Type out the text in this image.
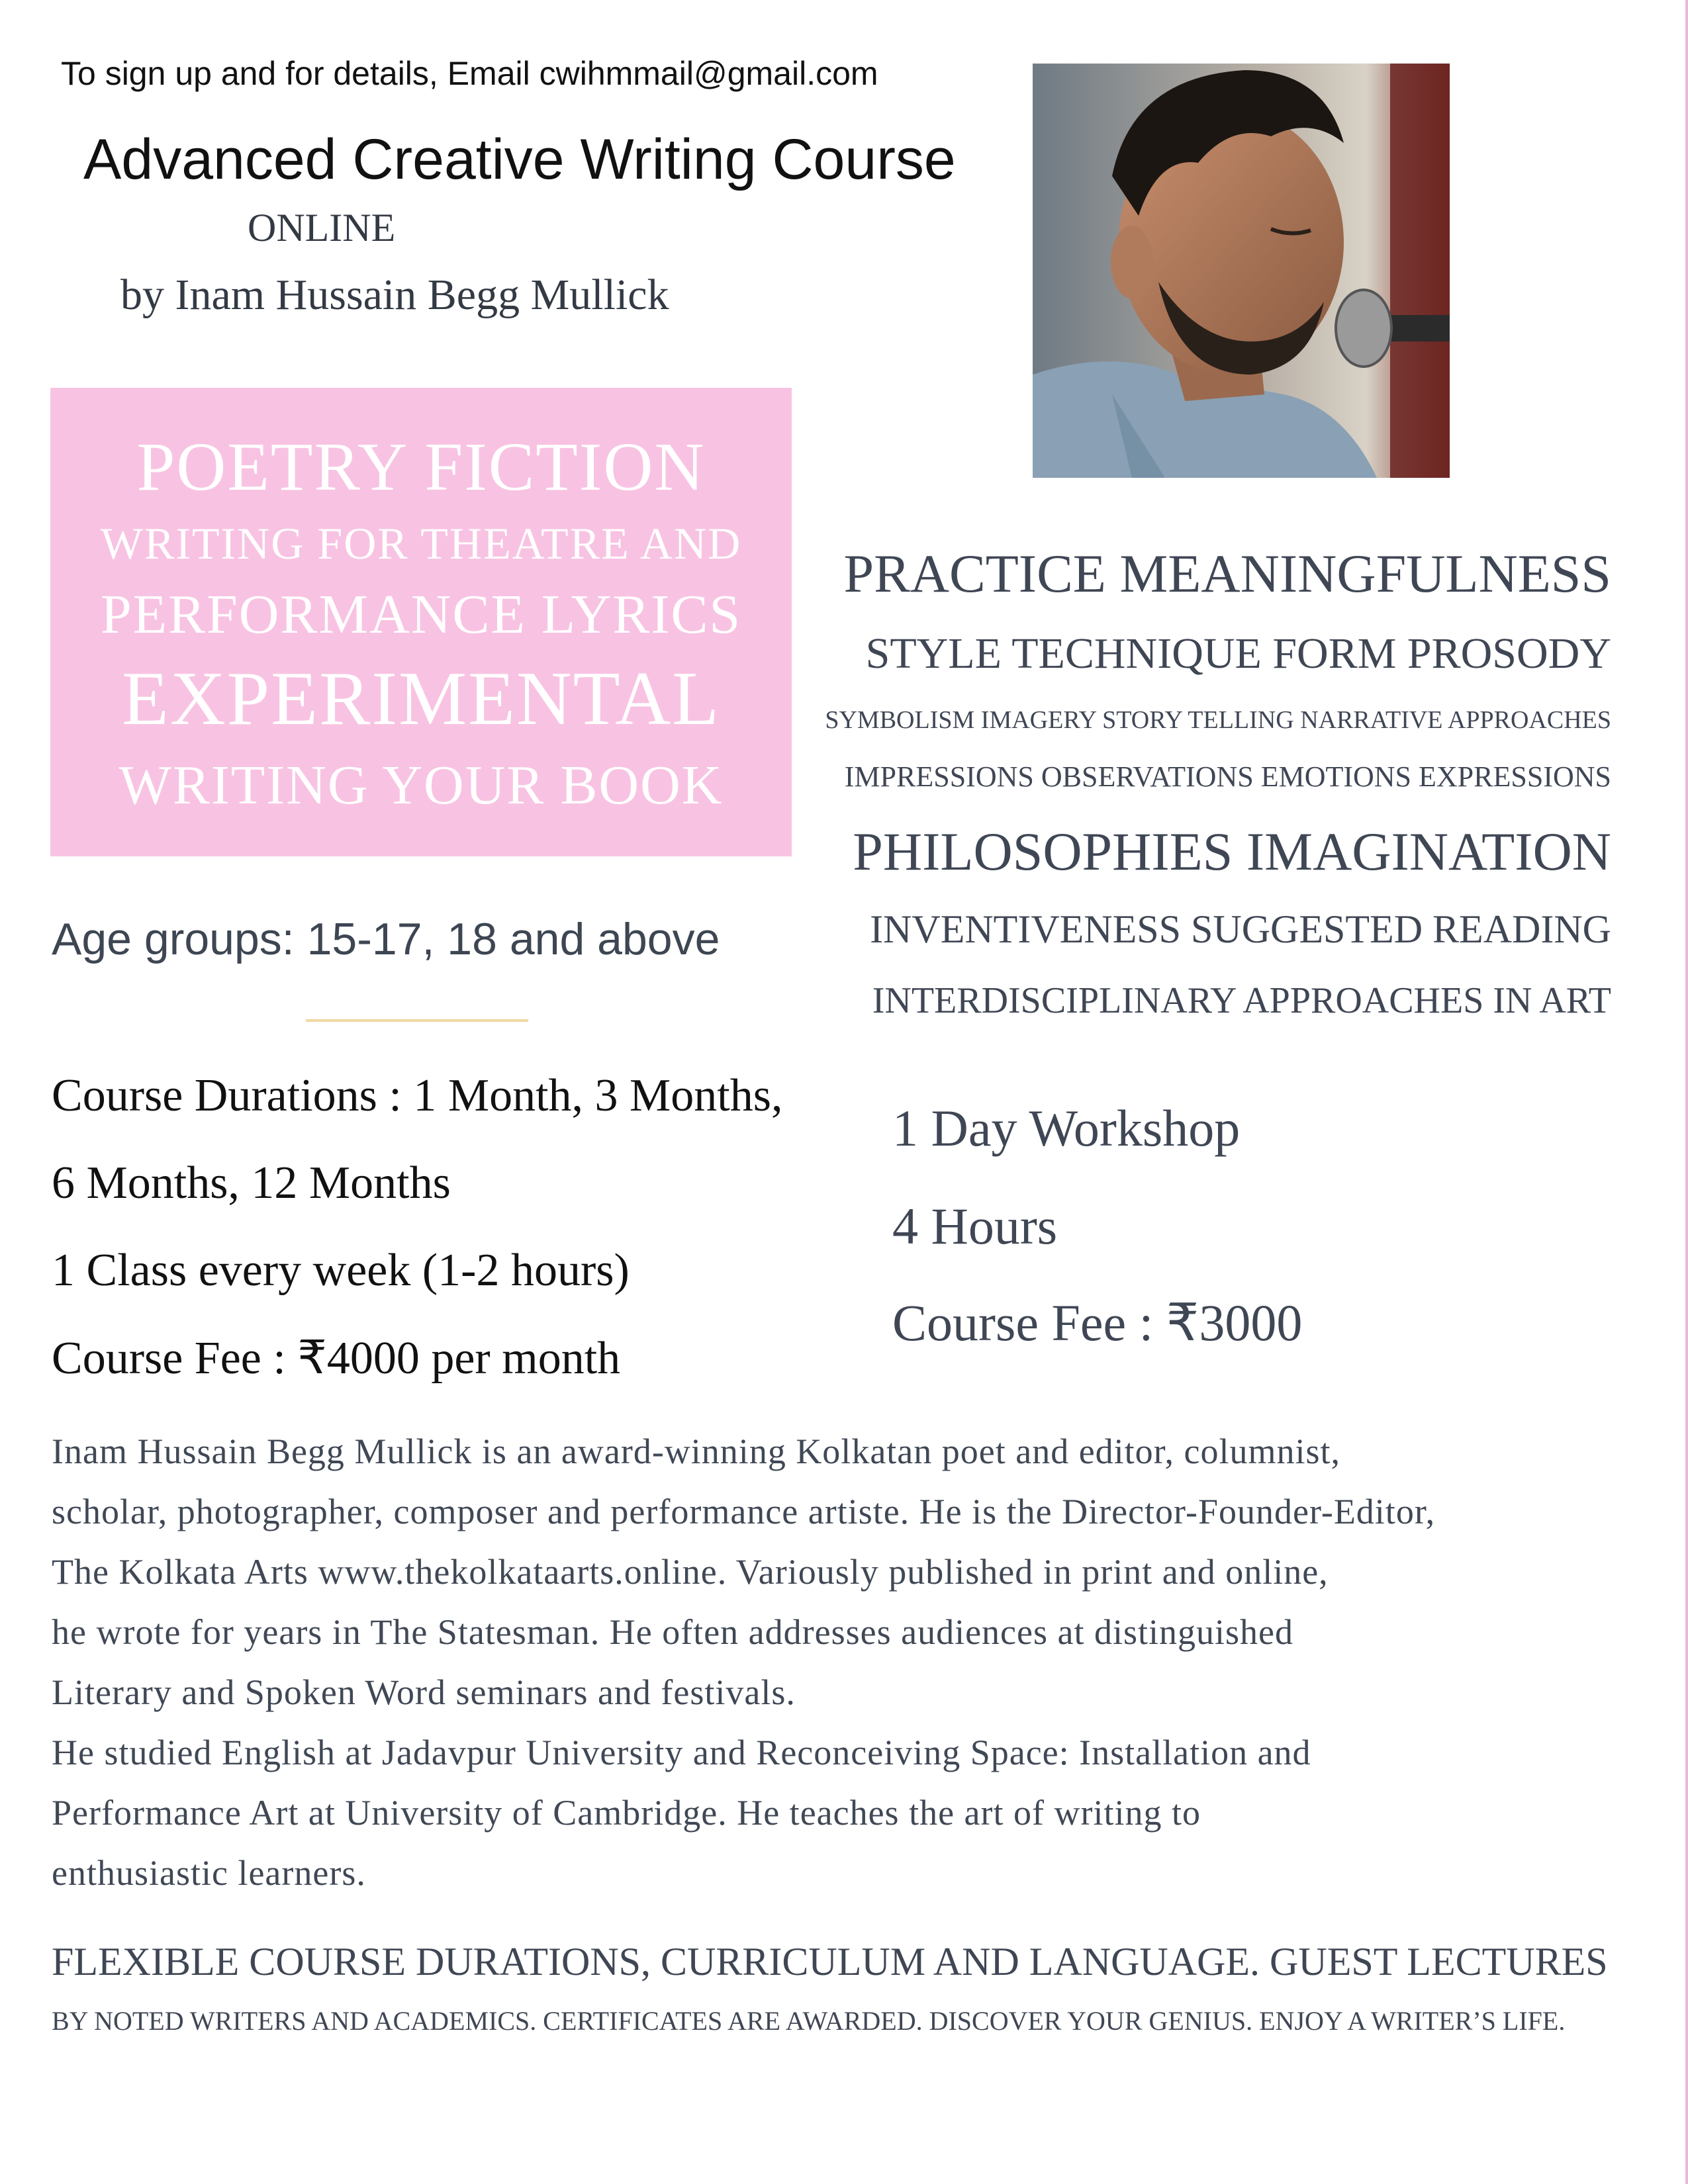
To sign up and for details, Email cwihmmail@gmail.com
Advanced Creative Writing Course
ONLINE
by Inam Hussain Begg Mullick
POETRY FICTION
WRITING FOR THEATRE AND
PERFORMANCE LYRICS
EXPERIMENTAL
WRITING YOUR BOOK
Age groups: 15-17, 18 and above
Course Durations : 1 Month, 3 Months,
6 Months, 12 Months
1 Class every week (1-2 hours)
Course Fee : ₹4000 per month
PRACTICE MEANINGFULNESS
STYLE TECHNIQUE FORM PROSODY
SYMBOLISM IMAGERY STORY TELLING NARRATIVE APPROACHES
IMPRESSIONS OBSERVATIONS EMOTIONS EXPRESSIONS
PHILOSOPHIES IMAGINATION
INVENTIVENESS SUGGESTED READING
INTERDISCIPLINARY APPROACHES IN ART
1 Day Workshop
4 Hours
Course Fee : ₹3000
Inam Hussain Begg Mullick is an award-winning Kolkatan poet and editor, columnist,
scholar, photographer, composer and performance artiste. He is the Director-Founder-Editor,
The Kolkata Arts www.thekolkataarts.online. Variously published in print and online,
he wrote for years in The Statesman. He often addresses audiences at distinguished
Literary and Spoken Word seminars and festivals.
He studied English at Jadavpur University and Reconceiving Space: Installation and
Performance Art at University of Cambridge. He teaches the art of writing to
enthusiastic learners.
FLEXIBLE COURSE DURATIONS, CURRICULUM AND LANGUAGE. GUEST LECTURES
BY NOTED WRITERS AND ACADEMICS. CERTIFICATES ARE AWARDED. DISCOVER YOUR GENIUS. ENJOY A WRITER’S LIFE.
